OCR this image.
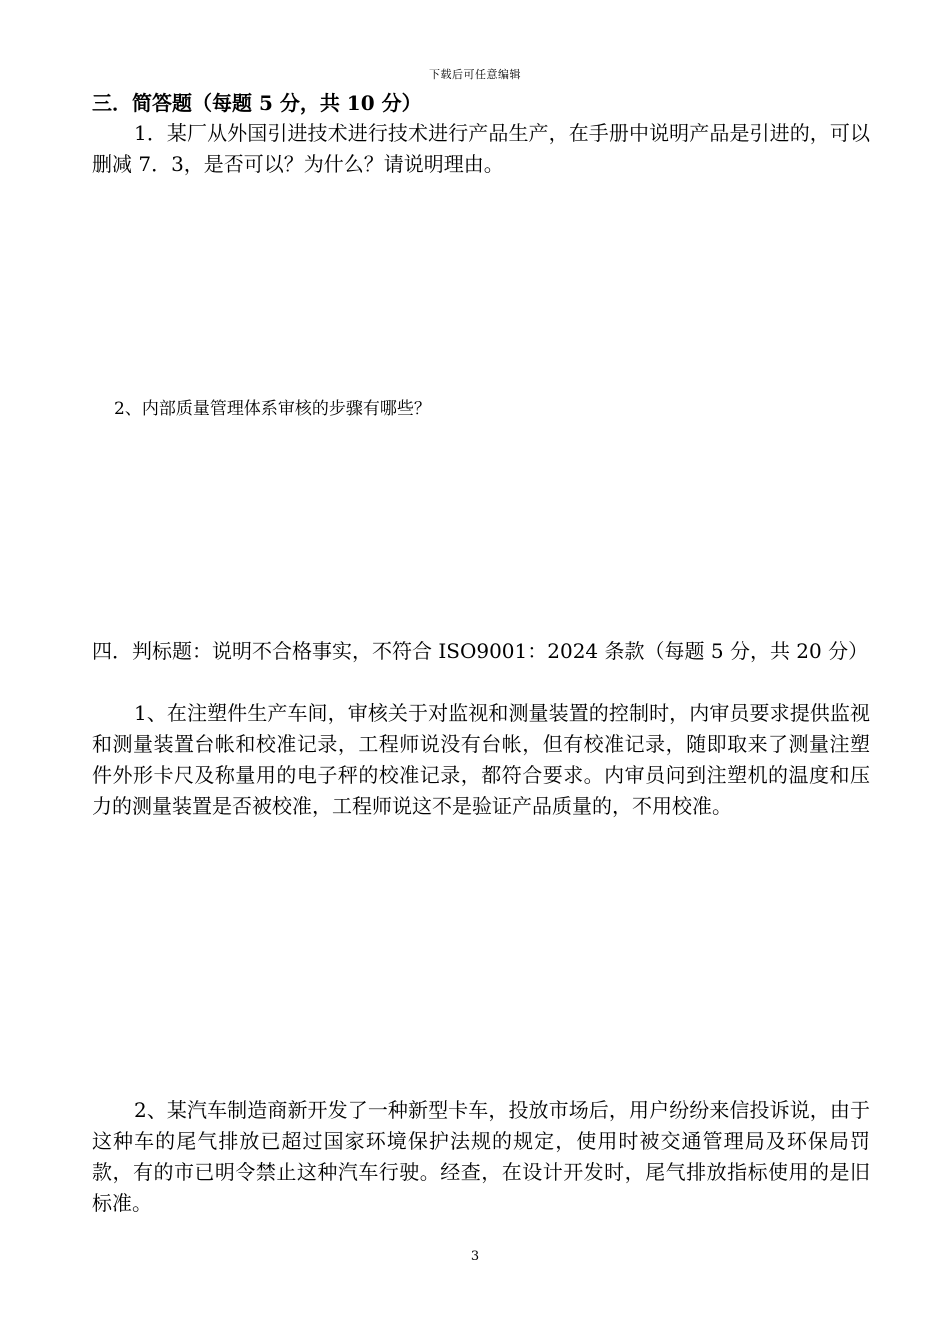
下载后可任意编辑
三．简答题（每题 5 分，共 10 分）
1．某厂从外国引进技术进行技术进行产品生产，在手册中说明产品是引进的，可以删减 7．3，是否可以？为什么？请说明理由。
2、内部质量管理体系审核的步骤有哪些？
四．判标题：说明不合格事实，不符合 ISO9001：2024 条款（每题 5 分，共 20 分）
1、在注塑件生产车间，审核关于对监视和测量装置的控制时，内审员要求提供监视和测量装置台帐和校准记录，工程师说没有台帐，但有校准记录，随即取来了测量注塑件外形卡尺及称量用的电子秤的校准记录，都符合要求。内审员问到注塑机的温度和压力的测量装置是否被校准，工程师说这不是验证产品质量的，不用校准。
2、某汽车制造商新开发了一种新型卡车，投放市场后，用户纷纷来信投诉说，由于这种车的尾气排放已超过国家环境保护法规的规定，使用时被交通管理局及环保局罚款，有的市已明令禁止这种汽车行驶。经查，在设计开发时，尾气排放指标使用的是旧标准。
3
